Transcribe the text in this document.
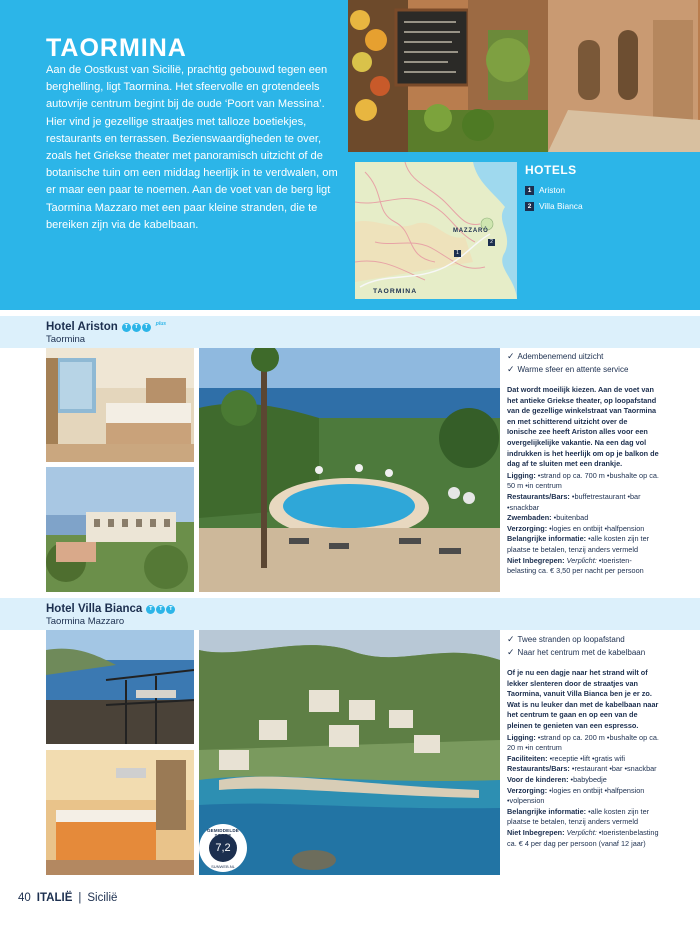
TAORMINA
Aan de Oostkust van Sicilië, prachtig gebouwd tegen een berghelling, ligt Taormina. Het sfeervolle en grotendeels autovrije centrum begint bij de oude ‘Poort van Messina’. Hier vind je gezellige straatjes met talloze boetiekjes, restaurants en terrassen. Bezienswaardigheden te over, zoals het Griekse theater met panoramisch uitzicht of de botanische tuin om een middag heerlijk in te verdwalen, om er maar een paar te noemen. Aan de voet van de berg ligt Taormina Mazzaro met een paar kleine stranden, die te bereiken zijn via de kabelbaan.
MAZZARÒ
TAORMINA
1
2
HOTELS
1 Ariston
2 Villa Bianca
Hotel Ariston	T	T	T	plus
Taormina
✓ Adembenemend uitzicht
✓ Warme sfeer en attente service
Dat wordt moeilijk kiezen. Aan de voet van het antieke Griekse theater, op loopafstand van de gezellige winkelstraat van Taormina en met schitterend uitzicht over de Ionische zee heeft Ariston alles voor een overgelijkelijke vakantie. Na een dag vol indrukken is het heerlijk om op je balkon de dag af te sluiten met een drankje.
Ligging: •strand op ca. 700 m •bushalte op ca. 50 m •in centrum
Restaurants/Bars: •buffetrestaurant •bar •snackbar
Zwembaden: •buitenbad
Verzorging: •logies en ontbijt •halfpension
Belangrijke informatie: •alle kosten zijn ter plaatse te betalen, tenzij anders vermeld
Niet Inbegrepen: Verplicht: •toeristen-belasting ca. € 3,50 per nacht per persoon
Hotel Villa Bianca	T	T	T
Taormina Mazzaro
7,2
GEMIDDELDE SCORE
SUNWEB.NL
✓ Twee stranden op loopafstand
✓ Naar het centrum met de kabelbaan
Of je nu een dagje naar het strand wilt of lekker slenteren door de straatjes van Taormina, vanuit Villa Bianca ben je er zo. Wat is nu leuker dan met de kabelbaan naar het centrum te gaan en op een van de pleinen te genieten van een espresso.
Ligging: •strand op ca. 200 m •bushalte op ca. 20 m •in centrum
Faciliteiten: •receptie •lift •gratis wifi
Restaurants/Bars: •restaurant •bar •snackbar
Voor de kinderen: •babybedje
Verzorging: •logies en ontbijt •halfpension •volpension
Belangrijke informatie: •alle kosten zijn ter plaatse te betalen, tenzij anders vermeld
Niet Inbegrepen: Verplicht: •toeristenbelasting ca. € 4 per dag per persoon (vanaf 12 jaar)
40 ITALIË | Sicilië
